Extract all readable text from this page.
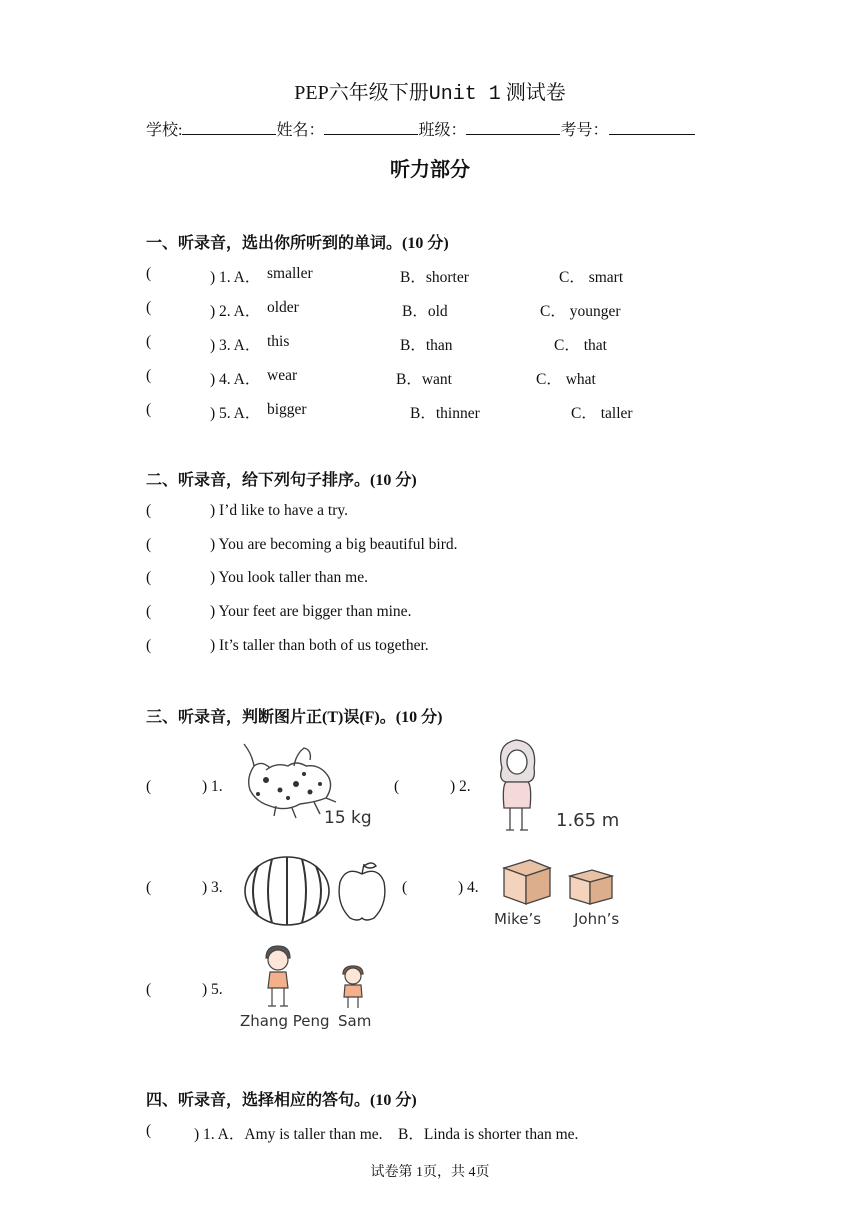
PEP六年级下册Unit 1 测试卷
学校:	姓名：	班级：	考号：
听力部分
一、听录音，选出你所听到的单词。(10 分)
(	) 1. A． smaller	B．shorter	C． smart
(	) 2. A． older	B．old	C． younger
(	) 3. A． this	B．than	C． that
(	) 4. A． wear	B．want	C． what
(	) 5. A． bigger	B．thinner	C． taller
二、听录音，给下列句子排序。(10 分)
(	) I’d like to have a try.
(	) You are becoming a big beautiful bird.
(	) You look taller than me.
(	) Your feet are bigger than mine.
(	) It’s taller than both of us together.
三、听录音，判断图片正(T)误(F)。(10 分)
(	) 1.
15 kg
(	) 2.
1.65 m
(	) 3.	(	) 4.
Mike’s John’s
(	) 5.
Zhang Peng Sam
四、听录音，选择相应的答句。(10 分)
(	) 1. A．Amy is taller than me.    B．Linda is shorter than me.
试卷第 1页，共 4页
